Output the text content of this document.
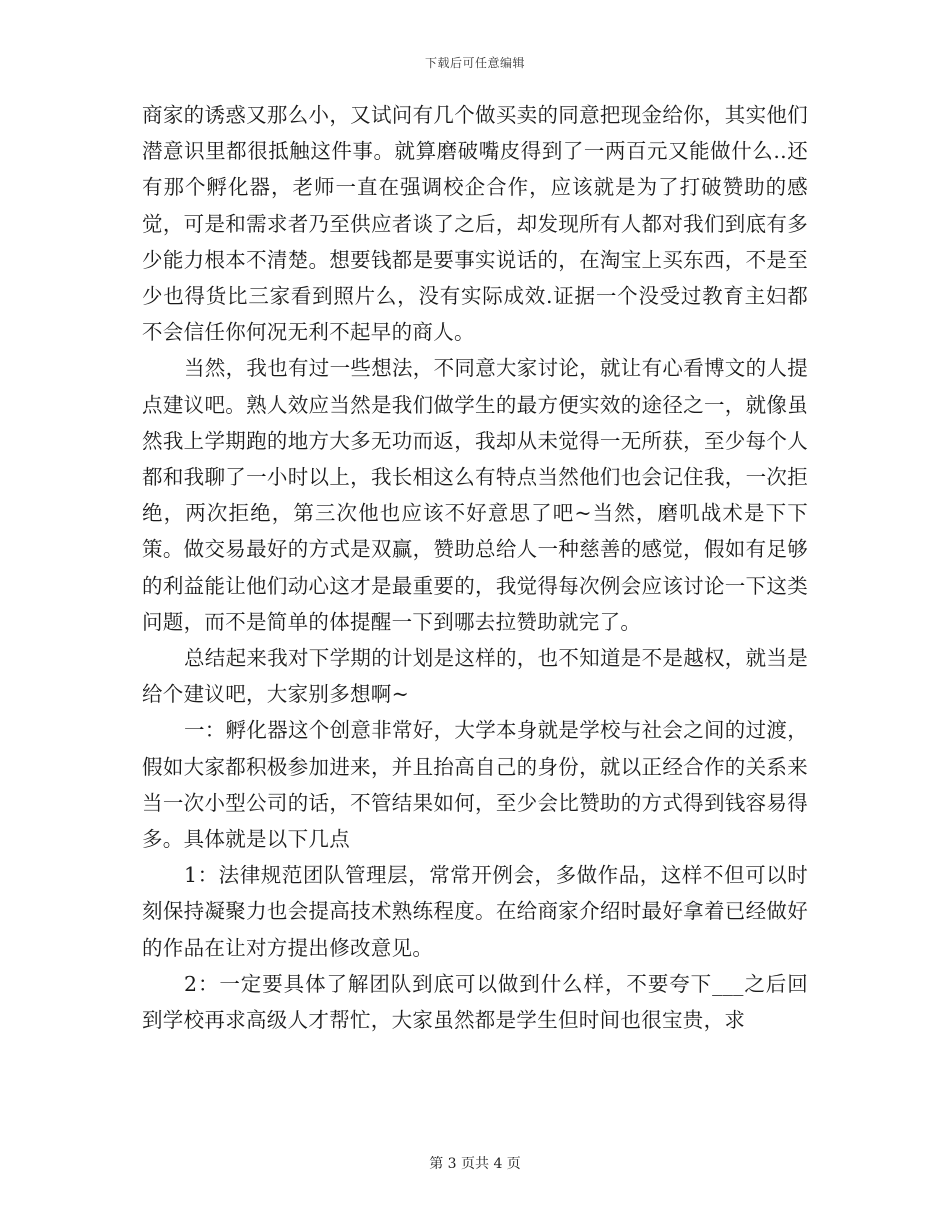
下载后可任意编辑

商家的诱惑又那么小，又试问有几个做买卖的同意把现金给你，其实他们潜意识里都很抵触这件事。就算磨破嘴皮得到了一两百元又能做什么..还有那个孵化器，老师一直在强调校企合作，应该就是为了打破赞助的感觉，可是和需求者乃至供应者谈了之后，却发现所有人都对我们到底有多少能力根本不清楚。想要钱都是要事实说话的，在淘宝上买东西，不是至少也得货比三家看到照片么，没有实际成效.证据一个没受过教育主妇都不会信任你何况无利不起早的商人。

当然，我也有过一些想法，不同意大家讨论，就让有心看博文的人提点建议吧。熟人效应当然是我们做学生的最方便实效的途径之一，就像虽然我上学期跑的地方大多无功而返，我却从未觉得一无所获，至少每个人都和我聊了一小时以上，我长相这么有特点当然他们也会记住我，一次拒绝，两次拒绝，第三次他也应该不好意思了吧~当然，磨叽战术是下下策。做交易最好的方式是双赢，赞助总给人一种慈善的感觉，假如有足够的利益能让他们动心这才是最重要的，我觉得每次例会应该讨论一下这类问题，而不是简单的体提醒一下到哪去拉赞助就完了。

总结起来我对下学期的计划是这样的，也不知道是不是越权，就当是给个建议吧，大家别多想啊~

一：孵化器这个创意非常好，大学本身就是学校与社会之间的过渡，假如大家都积极参加进来，并且抬高自己的身份，就以正经合作的关系来当一次小型公司的话，不管结果如何，至少会比赞助的方式得到钱容易得多。具体就是以下几点

1：法律规范团队管理层，常常开例会，多做作品，这样不但可以时刻保持凝聚力也会提高技术熟练程度。在给商家介绍时最好拿着已经做好的作品在让对方提出修改意见。

2：一定要具体了解团队到底可以做到什么样，不要夸下___之后回到学校再求高级人才帮忙，大家虽然都是学生但时间也很宝贵，求

第 3 页共 4 页
